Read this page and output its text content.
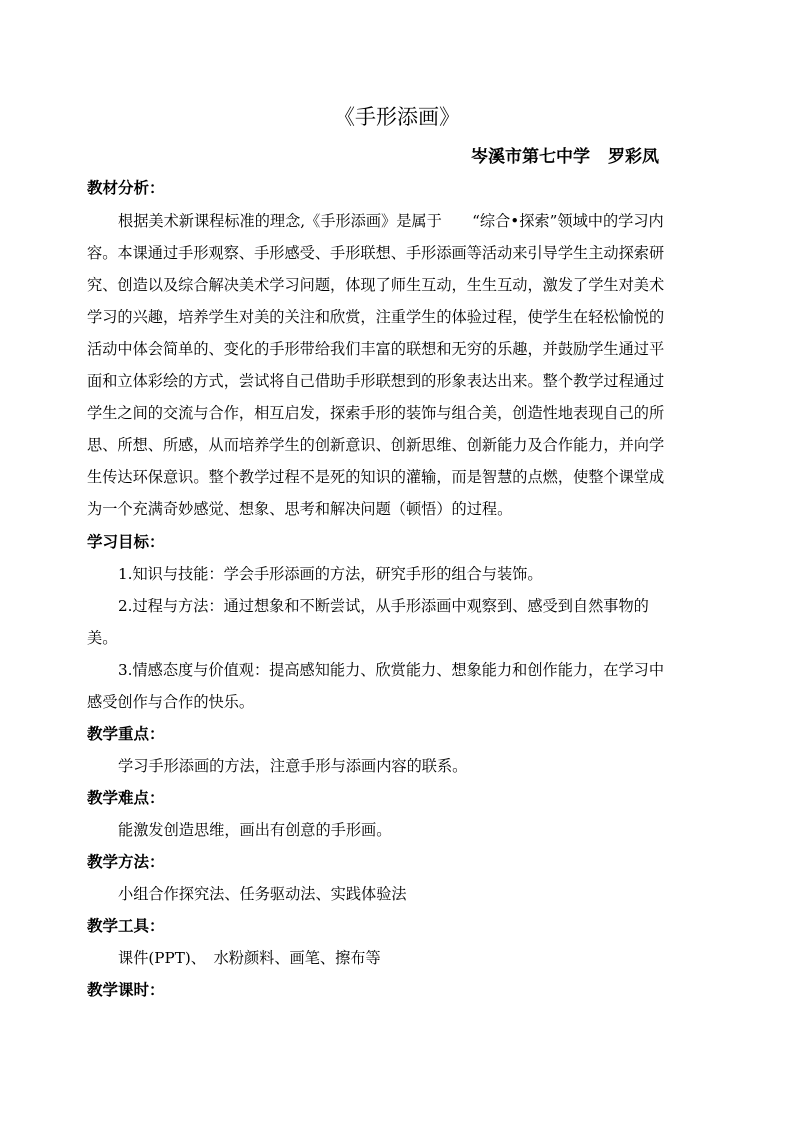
《手形添画》
岑溪市第七中学 罗彩凤
教材分析：
根据美术新课程标准的理念,《手形添画》是属于　　“综合•探索”领域中的学习内
容。本课通过手形观察、手形感受、手形联想、手形添画等活动来引导学生主动探索研
究、创造以及综合解决美术学习问题，体现了师生互动，生生互动，激发了学生对美术
学习的兴趣，培养学生对美的关注和欣赏，注重学生的体验过程，使学生在轻松愉悦的
活动中体会简单的、变化的手形带给我们丰富的联想和无穷的乐趣，并鼓励学生通过平
面和立体彩绘的方式，尝试将自己借助手形联想到的形象表达出来。整个教学过程通过
学生之间的交流与合作，相互启发，探索手形的装饰与组合美，创造性地表现自己的所
思、所想、所感，从而培养学生的创新意识、创新思维、创新能力及合作能力，并向学
生传达环保意识。整个教学过程不是死的知识的灌输，而是智慧的点燃，使整个课堂成
为一个充满奇妙感觉、想象、思考和解决问题（顿悟）的过程。
学习目标：
1.知识与技能：学会手形添画的方法，研究手形的组合与装饰。
2.过程与方法：通过想象和不断尝试，从手形添画中观察到、感受到自然事物的
美。
3.情感态度与价值观：提高感知能力、欣赏能力、想象能力和创作能力，在学习中
感受创作与合作的快乐。
教学重点：
学习手形添画的方法，注意手形与添画内容的联系。
教学难点：
能激发创造思维，画出有创意的手形画。
教学方法：
小组合作探究法、任务驱动法、实践体验法
教学工具：
课件(PPT)、　水粉颜料、画笔、擦布等
教学课时：
